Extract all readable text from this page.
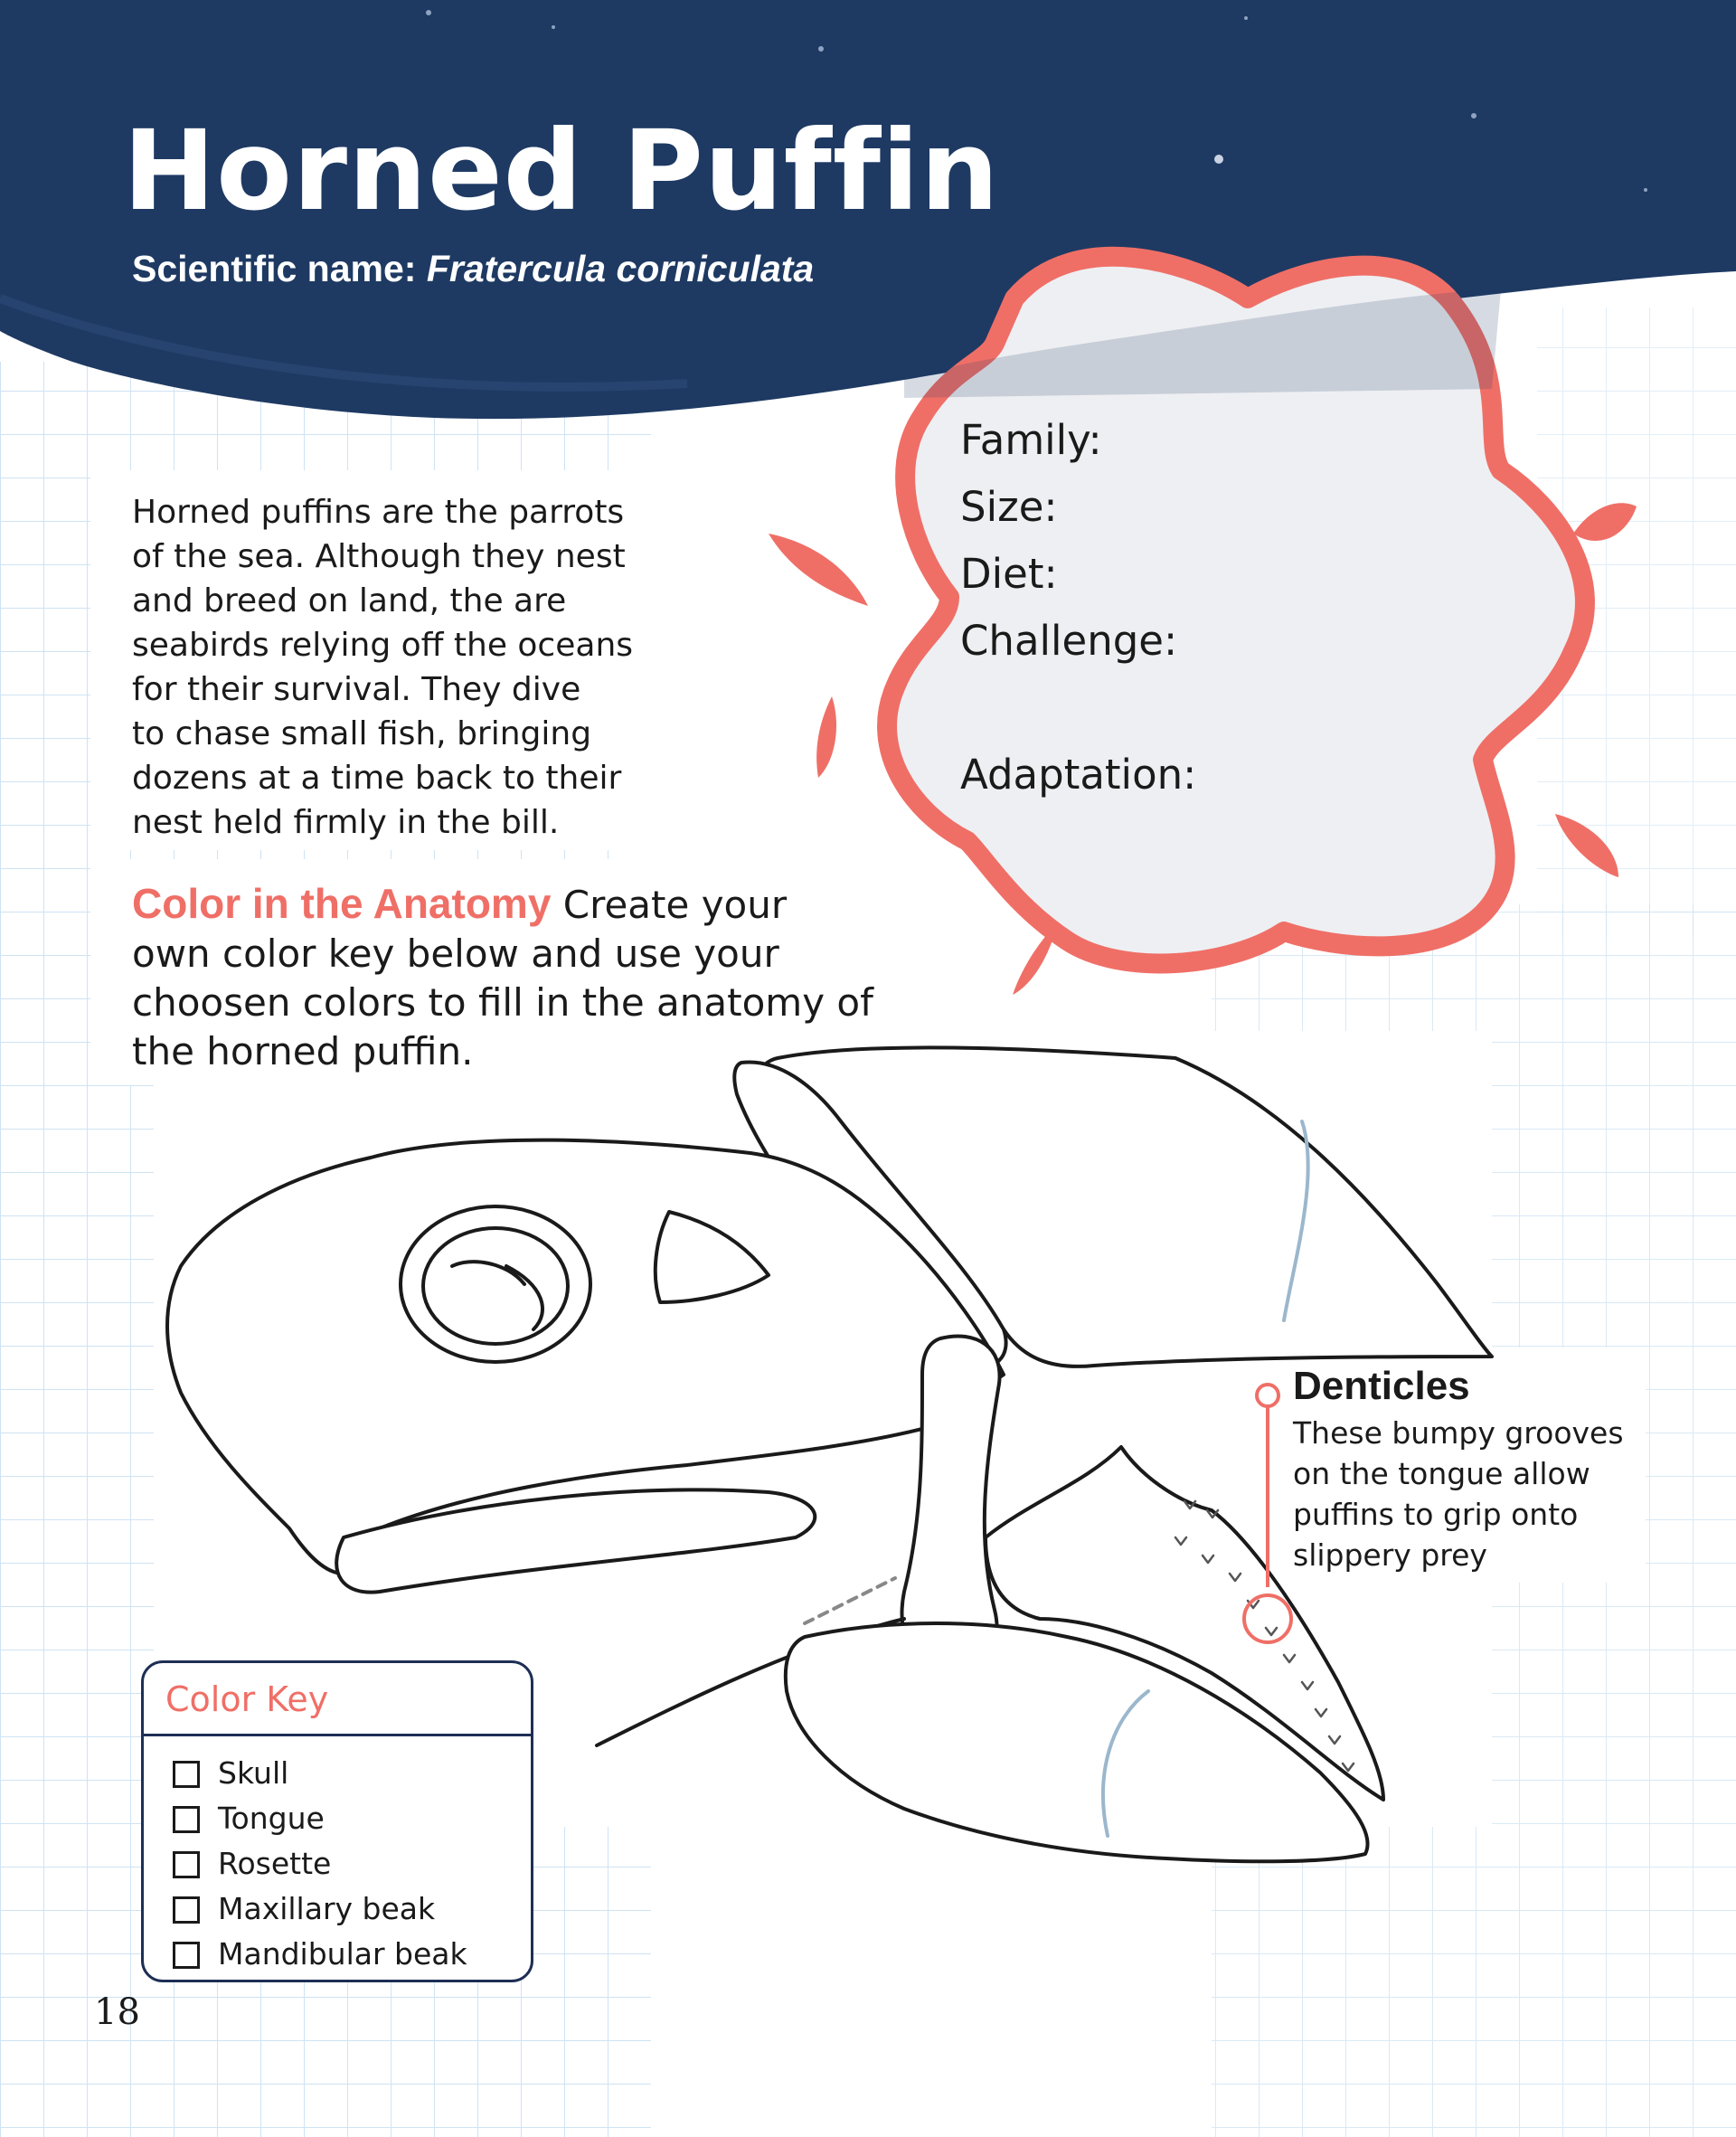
Horned Puffin
Scientific name: Fratercula corniculata
Horned puffins are the parrots
of the sea. Although they nest
and breed on land, the are
seabirds relying off the oceans
for their survival. They dive
to chase small fish, bringing
dozens at a time back to their
nest held firmly in the bill.
Family:
Size:
Diet:
Challenge:
Adaptation:
Color in the Anatomy Create your
own color key below and use your
choosen colors to fill in the anatomy of
the horned puffin.
Denticles
These bumpy grooves
on the tongue allow
puffins to grip onto
slippery prey
Color Key
Skull
Tongue
Rosette
Maxillary beak
Mandibular beak
18
